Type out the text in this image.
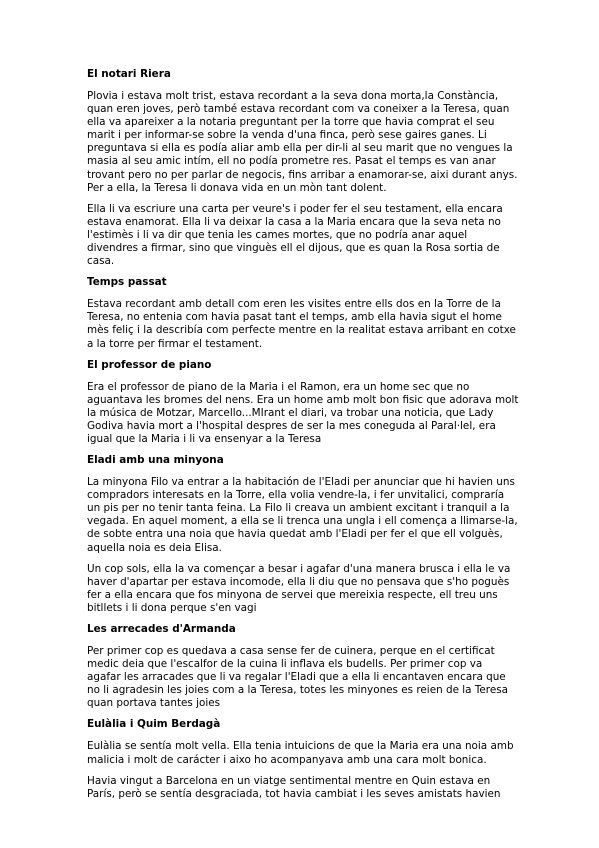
El notari Riera

Plovia i estava molt trist, estava recordant a la seva dona morta,la Constància, quan eren joves, però també estava recordant com va coneixer a la Teresa, quan ella va apareixer a la notaria preguntant per la torre que havia comprat el seu marit i per informar-se sobre la venda d'una finca, però sese gaires ganes. Li preguntava si ella es podía aliar amb ella per dir-li al seu marit que no vengues la masia al seu amic intím, ell no podía prometre res. Pasat el temps es van anar trovant pero no per parlar de negocis, fins arribar a enamorar-se, aixi durant anys. Per a ella, la Teresa li donava vida en un mòn tant dolent.

Ella li va escriure una carta per veure's i poder fer el seu testament, ella encara estava enamorat. Ella li va deixar la casa a la Maria encara que la seva neta no l'estimès i li va dir que tenia les cames mortes, que no podría anar aquel divendres a firmar, sino que vinguès ell el dijous, que es quan la Rosa sortia de casa.

Temps passat

Estava recordant amb detall com eren les visites entre ells dos en la Torre de la Teresa, no entenia com havia pasat tant el temps, amb ella havia sigut el home mès feliç i la describía com perfecte mentre en la realitat estava arribant en cotxe a la torre per firmar el testament.

El professor de piano

Era el professor de piano de la Maria i el Ramon, era un home sec que no aguantava les bromes del nens. Era un home amb molt bon fisic que adorava molt la música de Motzar, Marcello...MIrant el diari, va trobar una noticia, que Lady Godiva havia mort a l'hospital despres de ser la mes coneguda al Paral·lel, era igual que la Maria i li va ensenyar a la Teresa

Eladi amb una minyona

La minyona Filo va entrar a la habitación de l'Eladi per anunciar que hi havien uns compradors interesats en la Torre, ella volia vendre-la, i fer unvitalici, compraría un pis per no tenir tanta feina. La Filo li creava un ambient excitant i tranquil a la vegada. En aquel moment, a ella se li trenca una ungla i ell comença a llimarse-la, de sobte entra una noia que havia quedat amb l'Eladi per fer el que ell volguès, aquella noia es deia Elisa.

Un cop sols, ella la va començar a besar i agafar d'una manera brusca i ella le va haver d'apartar per estava incomode, ella li diu que no pensava que s'ho poguès fer a ella encara que fos minyona de servei que mereixia respecte, ell treu uns bitllets i li dona perque s'en vagi

Les arrecades d'Armanda

Per primer cop es quedava a casa sense fer de cuinera, perque en el certificat medic deia que l'escalfor de la cuina li inflava els budells. Per primer cop va agafar les arracades que li va regalar l'Eladi que a ella li encantaven encara que no li agradesin les joies com a la Teresa, totes les minyones es reien de la Teresa quan portava tantes joies

Eulàlia i Quim Berdagà

Eulàlia se sentía molt vella. Ella tenia intuicions de que la Maria era una noia amb malicia i molt de carácter i aixo ho acompanyava amb una cara molt bonica.

Havia vingut a Barcelona en un viatge sentimental mentre en Quin estava en París, però se sentía desgraciada, tot havia cambiat i les seves amistats havien
